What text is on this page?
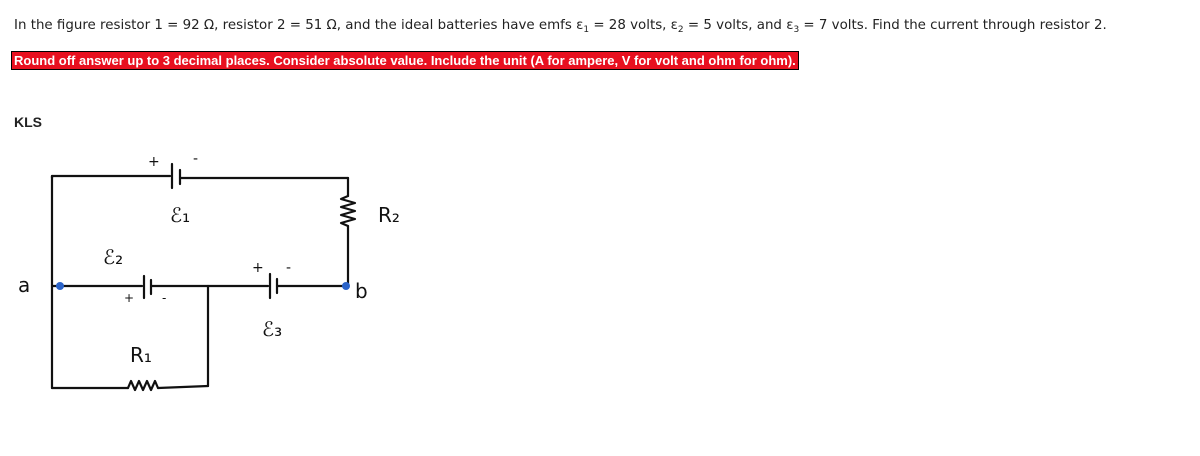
In the figure resistor 1 = 92 Ω, resistor 2 = 51 Ω, and the ideal batteries have emfs $\varepsilon_1 = 28$ volts, $\varepsilon_2 = 5$ volts, and $\varepsilon_3 = 7$ volts. Find the current through resistor 2.
Round off answer up to 3 decimal places. Consider absolute value. Include the unit (A for ampere, V for volt and ohm for ohm).
KLS
a	b
+ -
ℰ₁
ℰ₂
+ -
+ -
ℰ₃
R₁
R₂
